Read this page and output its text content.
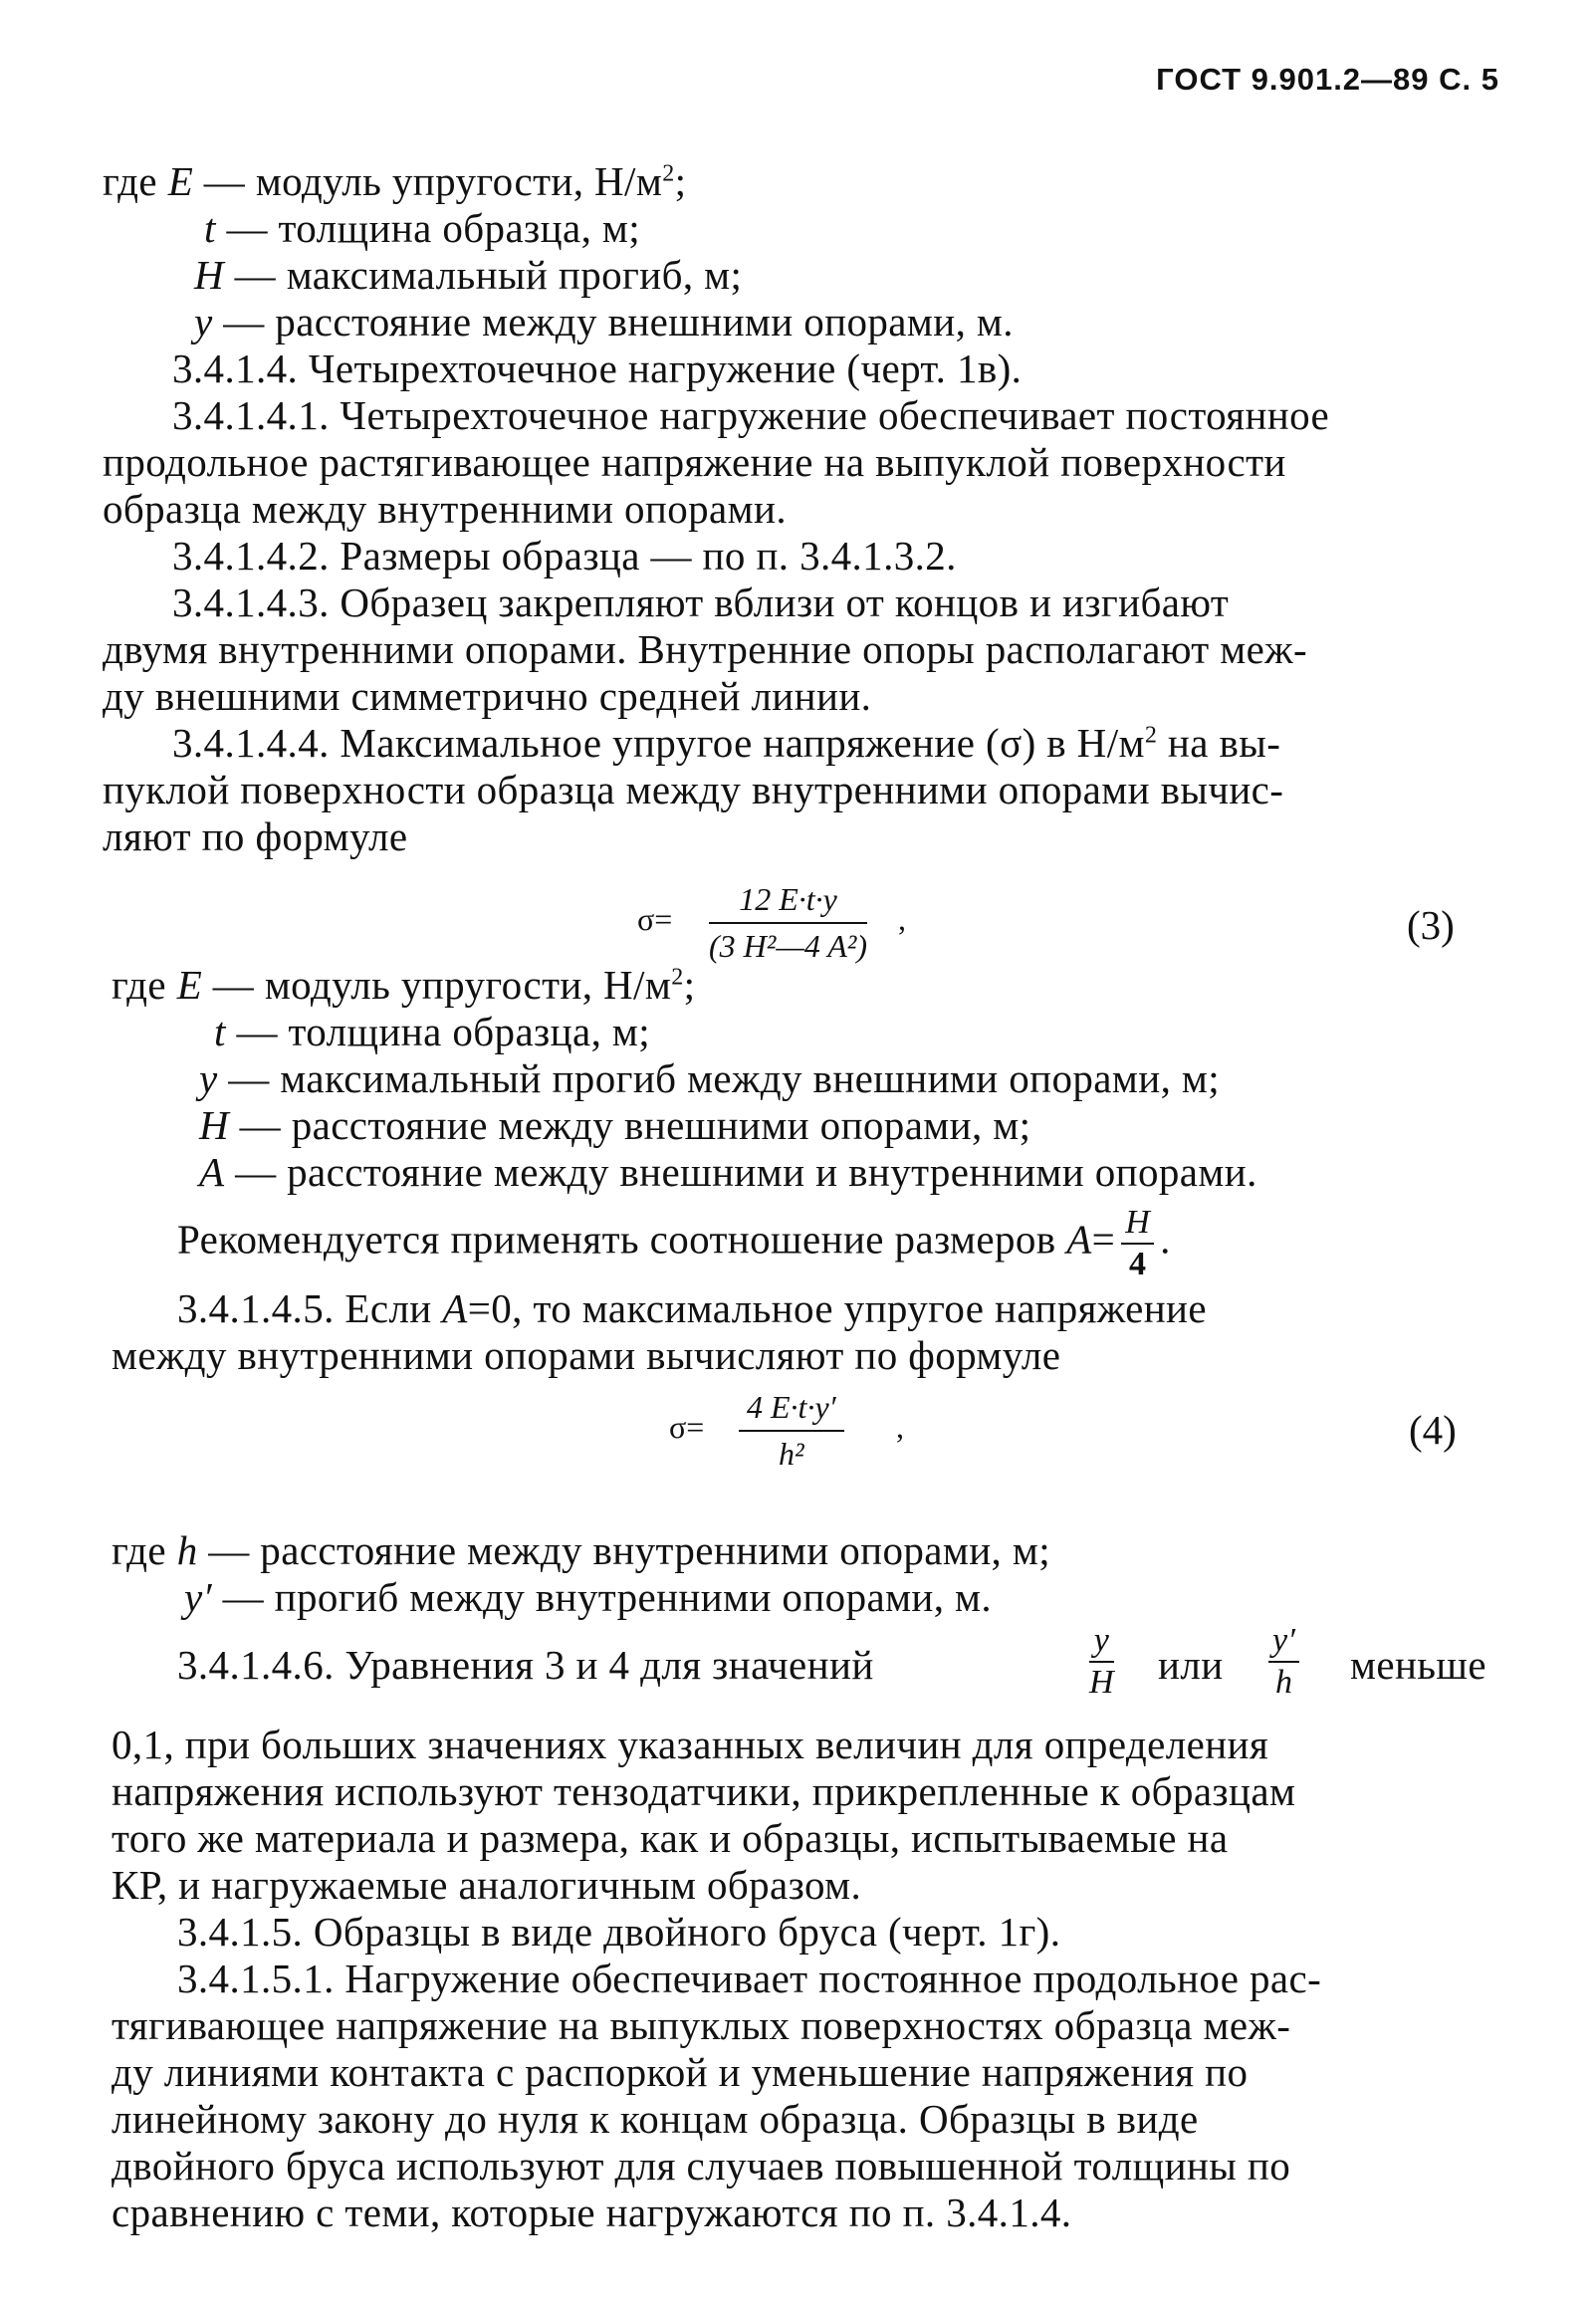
ГОСТ 9.901.2—89 С. 5
где E — модуль упругости, $Н/м^2$;
t — толщина образца, м;
H — максимальный прогиб, м;
y — расстояние между внешними опорами, м.
3.4.1.4. Четырехточечное нагружение (черт. 1в).
3.4.1.4.1. Четырехточечное нагружение обеспечивает постоянное
продольное растягивающее напряжение на выпуклой поверхности
образца между внутренними опорами.
3.4.1.4.2. Размеры образца — по п. 3.4.1.3.2.
3.4.1.4.3. Образец закрепляют вблизи от концов и изгибают
двумя внутренними опорами. Внутренние опоры располагают меж-
ду внешними симметрично средней линии.
3.4.1.4.4. Максимальное упругое напряжение (σ) в $Н/м^2$ на вы-
пуклой поверхности образца между внутренними опорами вычис-
ляют по формуле
σ=
12 E·t·y
(3 H²—4 A²)
,	(3)
где E — модуль упругости, $Н/м^2$;
t — толщина образца, м;
y — максимальный прогиб между внешними опорами, м;
H — расстояние между внешними опорами, м;
A — расстояние между внешними и внутренними опорами.
Рекомендуется применять соотношение размеров $A= \frac{H}{4}$ .
3.4.1.4.5. Если A=0, то максимальное упругое напряжение
между внутренними опорами вычисляют по формуле
σ=
4 E·t·y′
h²
,	(4)
где h — расстояние между внутренними опорами, м;
y′ — прогиб между внутренними опорами, м.
3.4.1.4.6. Уравнения 3 и 4 для значений	$\frac{y}{H}$ или $\frac{y'}{h}$ меньше
0,1, при больших значениях указанных величин для определения
напряжения используют тензодатчики, прикрепленные к образцам
того же материала и размера, как и образцы, испытываемые на
КР, и нагружаемые аналогичным образом.
3.4.1.5. Образцы в виде двойного бруса (черт. 1г).
3.4.1.5.1. Нагружение обеспечивает постоянное продольное рас-
тягивающее напряжение на выпуклых поверхностях образца меж-
ду линиями контакта с распоркой и уменьшение напряжения по
линейному закону до нуля к концам образца. Образцы в виде
двойного бруса используют для случаев повышенной толщины по
сравнению с теми, которые нагружаются по п. 3.4.1.4.
